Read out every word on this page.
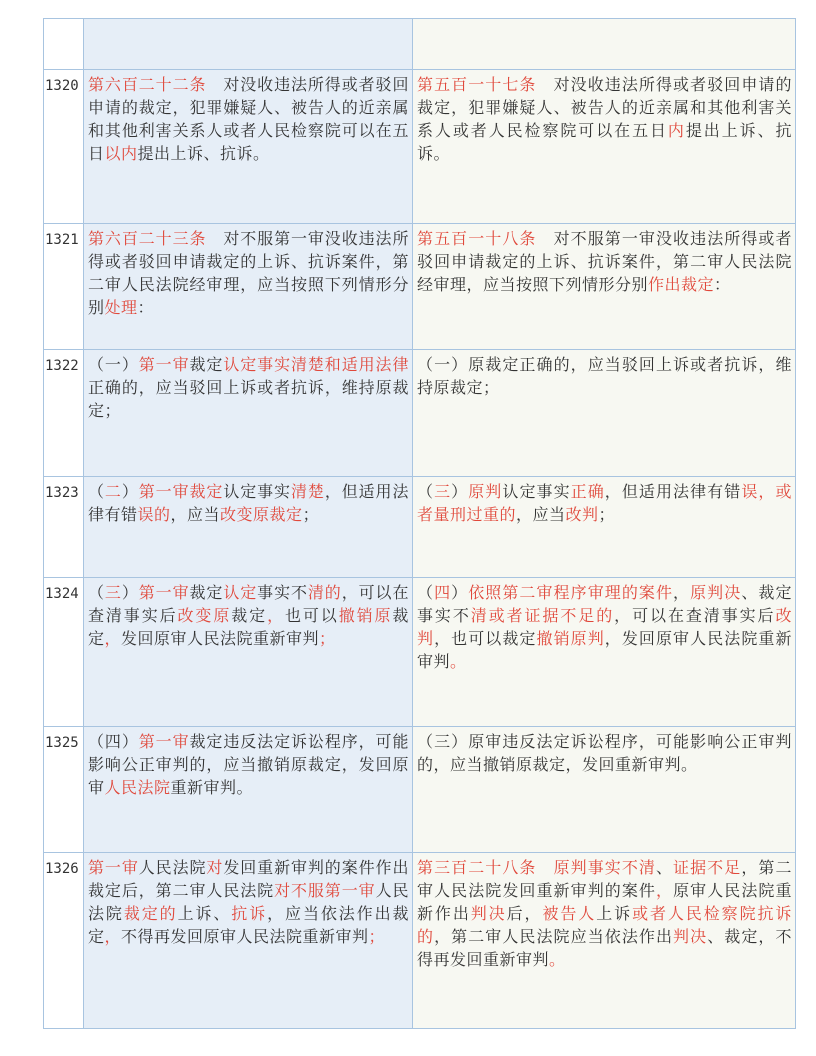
1320 第六百二十二条　对没收违法所得或者驳回申请的裁定，犯罪嫌疑人、被告人的近亲属和其他利害关系人或者人民检察院可以在五日以内提出上诉、抗诉。
第五百一十七条　对没收违法所得或者驳回申请的裁定，犯罪嫌疑人、被告人的近亲属和其他利害关系人或者人民检察院可以在五日内提出上诉、抗诉。
1321 第六百二十三条　对不服第一审没收违法所得或者驳回申请裁定的上诉、抗诉案件，第二审人民法院经审理，应当按照下列情形分别处理：
第五百一十八条　对不服第一审没收违法所得或者驳回申请裁定的上诉、抗诉案件，第二审人民法院经审理，应当按照下列情形分别作出裁定：
1322 （一）第一审裁定认定事实清楚和适用法律正确的，应当驳回上诉或者抗诉，维持原裁定；
（一）原裁定正确的，应当驳回上诉或者抗诉，维持原裁定；
1323 （二）第一审裁定认定事实清楚，但适用法律有错误的，应当改变原裁定；
（三）原判认定事实正确，但适用法律有错误，或者量刑过重的，应当改判；
1324 （三）第一审裁定认定事实不清的，可以在查清事实后改变原裁定，也可以撤销原裁定，发回原审人民法院重新审判；
（四）依照第二审程序审理的案件，原判决、裁定事实不清或者证据不足的，可以在查清事实后改判，也可以裁定撤销原判，发回原审人民法院重新审判。
1325 （四）第一审裁定违反法定诉讼程序，可能影响公正审判的，应当撤销原裁定，发回原审人民法院重新审判。
（三）原审违反法定诉讼程序，可能影响公正审判的，应当撤销原裁定，发回重新审判。
1326 第一审人民法院对发回重新审判的案件作出裁定后，第二审人民法院对不服第一审人民法院裁定的上诉、抗诉，应当依法作出裁定，不得再发回原审人民法院重新审判；
第三百二十八条　 原判事实不清、证据不足，第二审人民法院发回重新审判的案件，原审人民法院重新作出判决后，被告人上诉或者人民检察院抗诉的，第二审人民法院应当依法作出判决、裁定，不得再发回重新审判。
